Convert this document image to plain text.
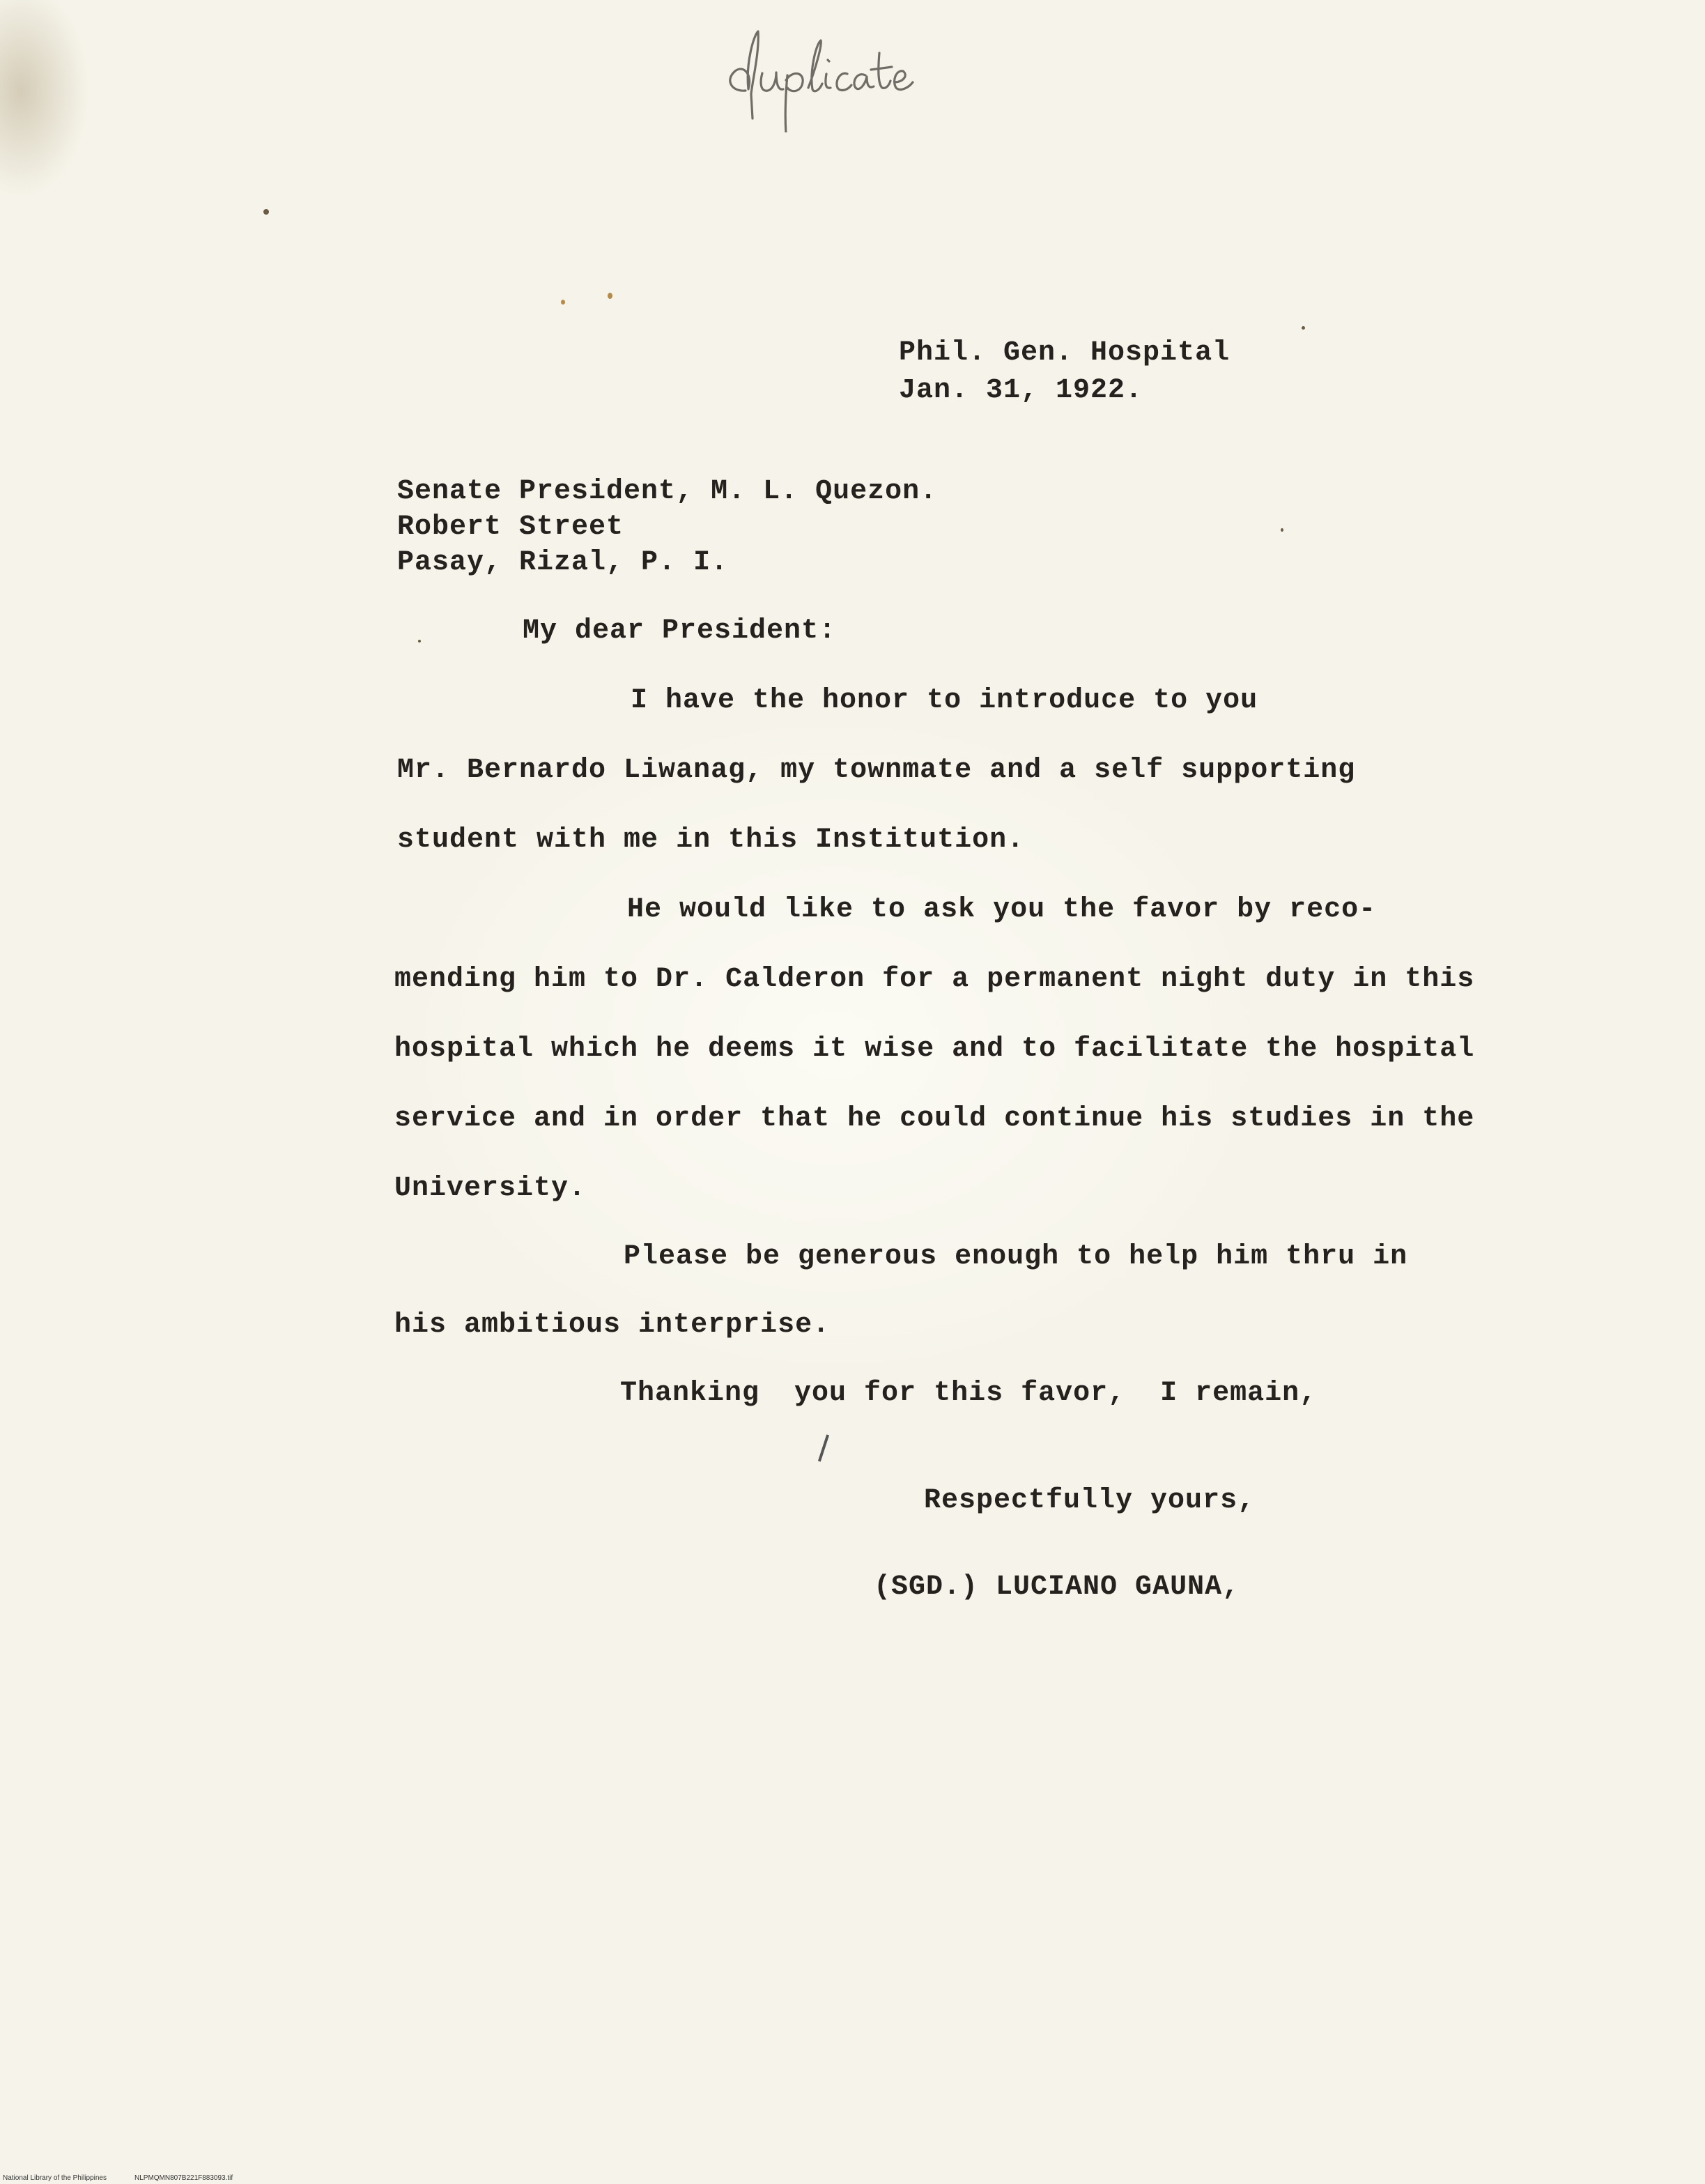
Phil. Gen. Hospital

Jan. 31, 1922.

Senate President, M. L. Quezon.

Robert Street

Pasay, Rizal, P. I.

My dear President:

I have the honor to introduce to you

Mr. Bernardo Liwanag, my townmate and a self supporting

student with me in this Institution.

He would like to ask you the favor by reco-

mending him to Dr. Calderon for a permanent night duty in this

hospital which he deems it wise and to facilitate the hospital

service and in order that he could continue his studies in the

University.

Please be generous enough to help him thru in

his ambitious interprise.

Thanking  you for this favor,  I remain,

Respectfully yours,

(SGD.) LUCIANO GAUNA,

National Library of the Philippines	NLPMQMN807B221F883093.tif
